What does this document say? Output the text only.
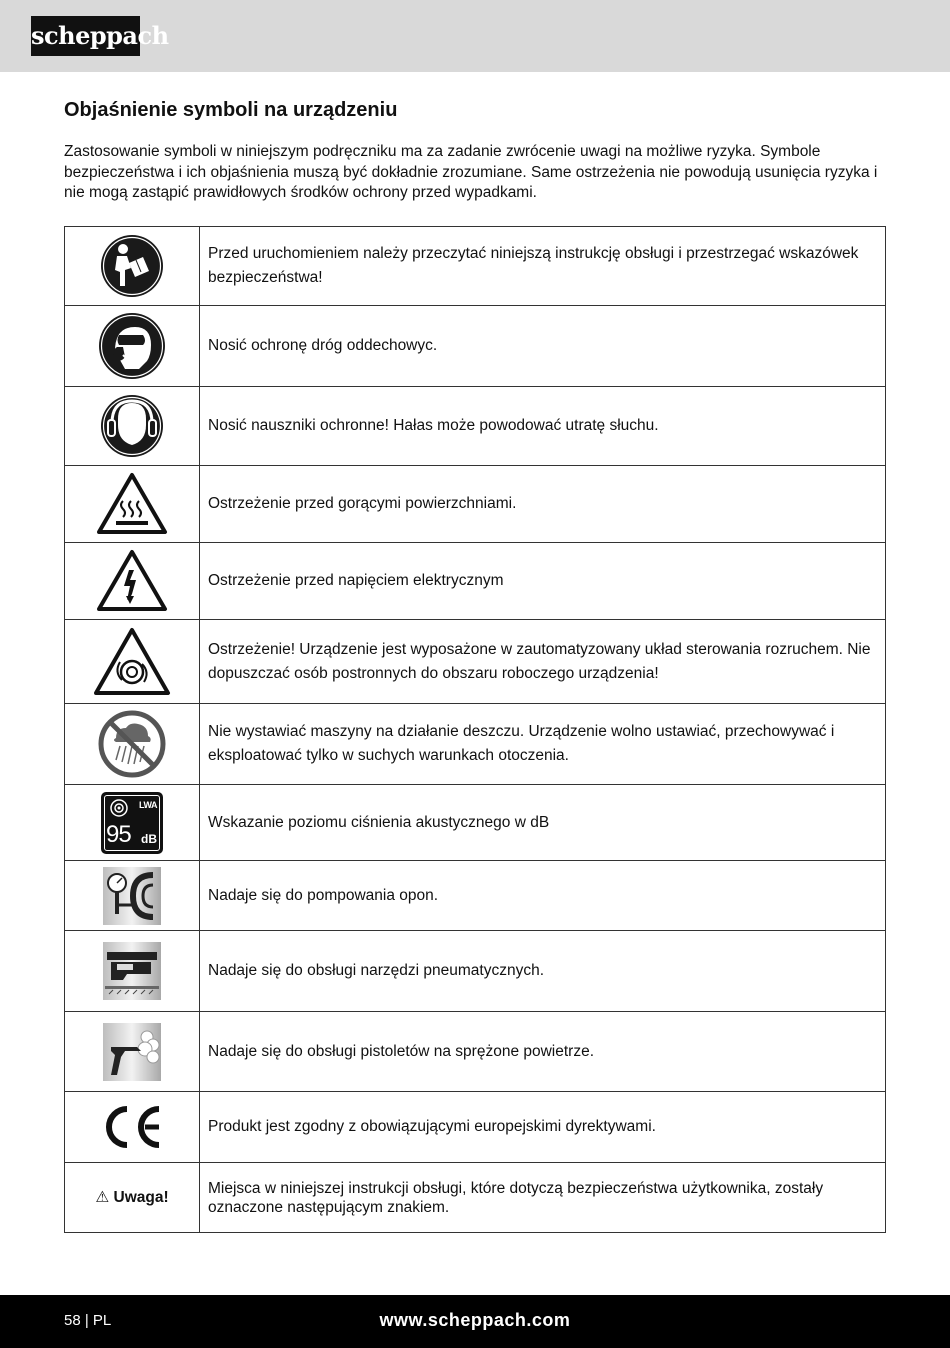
scheppach
Objaśnienie symboli na urządzeniu

Zastosowanie symboli w niniejszym podręczniku ma za zadanie zwrócenie uwagi na możliwe ryzyka. Symbole bezpieczeństwa i ich objaśnienia muszą być dokładnie zrozumiane. Same ostrzeżenia nie powodują usunięcia ryzyka i nie mogą zastąpić prawidłowych środków ochrony przed wypadkami.

	Przed uruchomieniem należy przeczytać niniejszą instrukcję obsługi i przestrzegać wskazówek bezpieczeństwa!

	Nosić ochronę dróg oddechowyc.

	Nosić nauszniki ochronne! Hałas może powodować utratę słuchu.

	Ostrzeżenie przed gorącymi powierzchniami.

	Ostrzeżenie przed napięciem elektrycznym

	Ostrzeżenie! Urządzenie jest wyposażone w zautomatyzowany układ sterowania rozruchem. Nie dopuszczać osób postronnych do obszaru roboczego urządzenia!

	Nie wystawiać maszyny na działanie deszczu. Urządzenie wolno ustawiać, przechowywać i eksploatować tylko w suchych warunkach otoczenia.

LWA
95 dB	Wskazanie poziomu ciśnienia akustycznego w dB

	Nadaje się do pompowania opon.

	Nadaje się do obsługi narzędzi pneumatycznych.

	Nadaje się do obsługi pistoletów na sprężone powietrze.

	Produkt jest zgodny z obowiązującymi europejskimi dyrektywami.
⚠ Uwaga!	Miejsca w niniejszej instrukcji obsługi, które dotyczą bezpieczeństwa użytkownika, zostały oznaczone następującym znakiem.
58 | PL	www.scheppach.com
